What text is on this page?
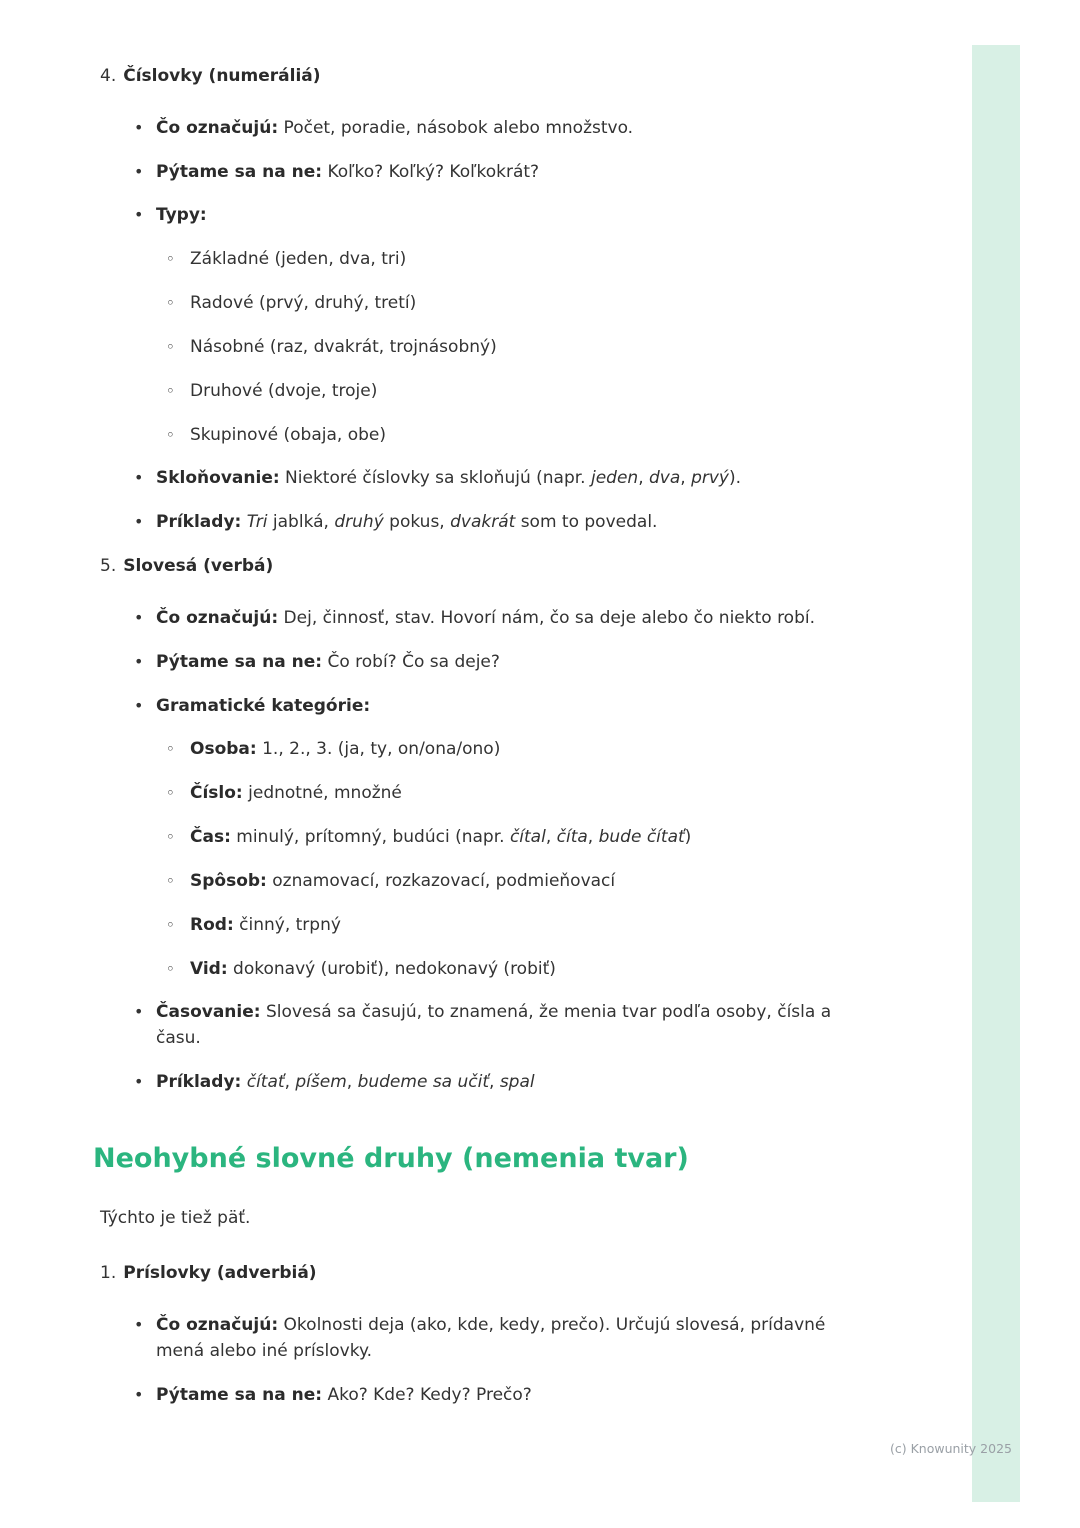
4. Číslovky (numeráliá)
• Čo označujú: Počet, poradie, násobok alebo množstvo.
• Pýtame sa na ne: Koľko? Koľký? Koľkokrát?
• Typy:
◦ Základné (jeden, dva, tri)
◦ Radové (prvý, druhý, tretí)
◦ Násobné (raz, dvakrát, trojnásobný)
◦ Druhové (dvoje, troje)
◦ Skupinové (obaja, obe)
• Skloňovanie: Niektoré číslovky sa skloňujú (napr. jeden, dva, prvý).
• Príklady: Tri jablká, druhý pokus, dvakrát som to povedal.
5. Slovesá (verbá)
• Čo označujú: Dej, činnosť, stav. Hovorí nám, čo sa deje alebo čo niekto robí.
• Pýtame sa na ne: Čo robí? Čo sa deje?
• Gramatické kategórie:
◦ Osoba: 1., 2., 3. (ja, ty, on/ona/ono)
◦ Číslo: jednotné, množné
◦ Čas: minulý, prítomný, budúci (napr. čítal, číta, bude čítať)
◦ Spôsob: oznamovací, rozkazovací, podmieňovací
◦ Rod: činný, trpný
◦ Vid: dokonavý (urobiť), nedokonavý (robiť)
• Časovanie: Slovesá sa časujú, to znamená, že menia tvar podľa osoby, čísla a času.
• Príklady: čítať, píšem, budeme sa učiť, spal
Neohybné slovné druhy (nemenia tvar)

Týchto je tiež päť.

1. Príslovky (adverbiá)
• Čo označujú: Okolnosti deja (ako, kde, kedy, prečo). Určujú slovesá, prídavné mená alebo iné príslovky.
• Pýtame sa na ne: Ako? Kde? Kedy? Prečo?
(c) Knowunity 2025
